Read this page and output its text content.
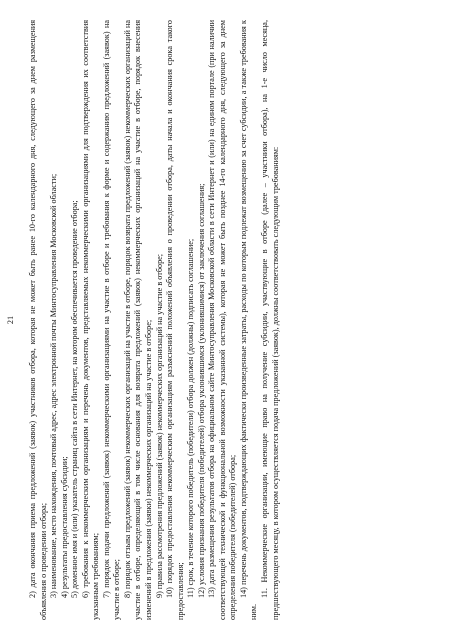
21 2) дата окончания приема предложений (заявок) участников отбора, которая не может быть ранее 10-го календарного дня, следующего за днем размещения объявления о проведении отбора; 3) наименование, место нахождения, почтовый адрес, адрес электронной почты Минтосуправления Московской области; 4) результаты предоставления субсидии; 5) доменное имя и (или) указатель страниц сайта в сети Интернет, на котором обеспечивается проведение отбора; 6) требования к некоммерческим организациям и перечень документов, представляемых некоммерческими организациями для подтверждения их соответствия указанным требованиям; 7) порядок подачи предложений (заявок) некоммерческими организациями на участие в отборе и требования к форме и содержанию предложений (заявок) на участие в отборе; 8) порядок отзыва предложений (заявок) некоммерческих организаций на участие в отборе, порядок возврата предложений (заявок) некоммерческих организаций на участие в отборе, определяющий в том числе основания для возврата предложений (заявок) некоммерческих организаций на участие в отборе, порядок внесения изменений в предложения (заявки) некоммерческих организаций на участие в отборе; 9) правила рассмотрения предложений (заявок) некоммерческих организаций на участие в отборе; 10) порядок предоставления некоммерческим организациям разъяснений положений объявления о проведении отбора, даты начала и окончания срока такого предоставления; 11) срок, в течение которого победитель (победители) отбора должен (должны) подписать соглашение; 12) условия признания победителя (победителей) отбора уклонившимся (уклонившимися) от заключения соглашения; 13) дата размещения результатов отбора на официальном сайте Минтосуправления Московской области в сети Интернет и (или) на едином портале (при наличии соответствующей технической и функциональной возможности указанной системы), которая не может быть позднее 14-го календарного дня, следующего за днем определения победителя (победителей) отбора; 14) перечень документов, подтверждающих фактически произведенные затраты, расходы по которым подлежат возмещению за счет субсидии, а также требования к ним.

11. Некоммерческие организации, имеющие право на получение субсидии, участвующие в отборе (далее – участники отбора), на 1-е число месяца, предшествующего месяцу, в котором осуществляется подача предложений (заявок), должны соответствовать следующим требованиям:
